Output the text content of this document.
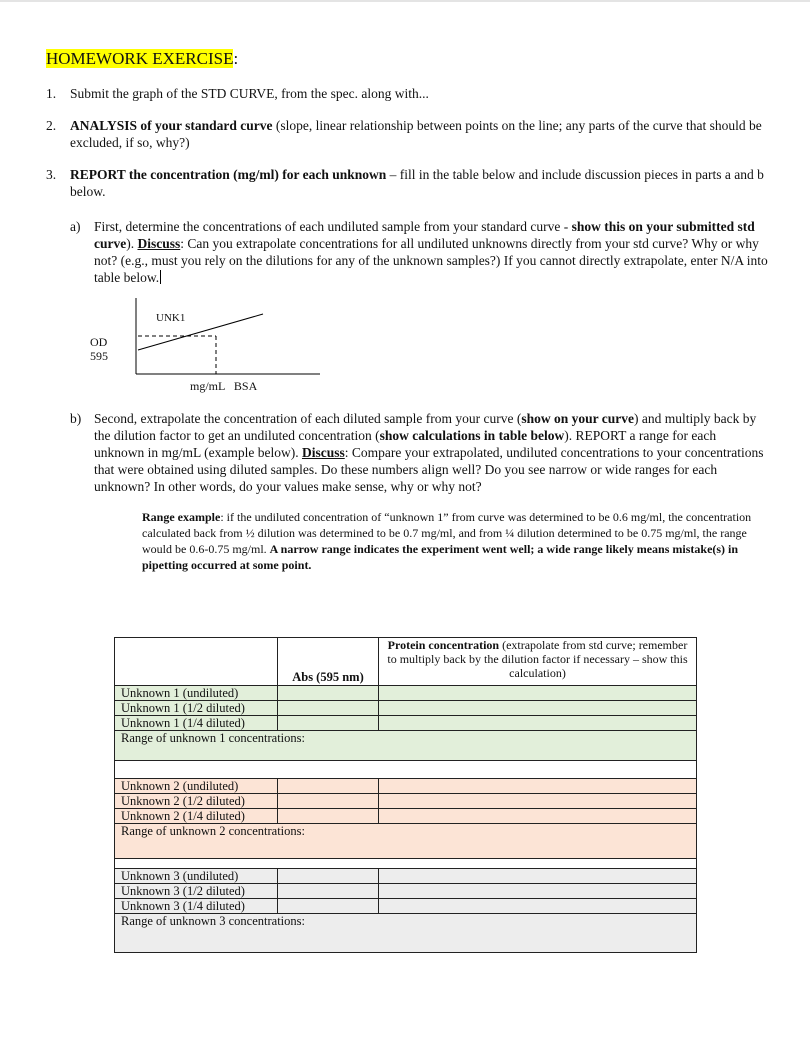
HOMEWORK EXERCISE:
1. Submit the graph of the STD CURVE, from the spec. along with...
2. ANALYSIS of your standard curve (slope, linear relationship between points on the line; any parts of the curve that should be excluded, if so, why?)
3. REPORT the concentration (mg/ml) for each unknown – fill in the table below and include discussion pieces in parts a and b below.
a) First, determine the concentrations of each undiluted sample from your standard curve - show this on your submitted std curve). Discuss: Can you extrapolate concentrations for all undiluted unknowns directly from your std curve? Why or why not? (e.g., must you rely on the dilutions for any of the unknown samples?) If you cannot directly extrapolate, enter N/A into table below.
UNK1
OD
595
mg/mL   BSA
b) Second, extrapolate the concentration of each diluted sample from your curve (show on your curve) and multiply back by the dilution factor to get an undiluted concentration (show calculations in table below). REPORT a range for each unknown in mg/mL (example below). Discuss: Compare your extrapolated, undiluted concentrations to your concentrations that were obtained using diluted samples. Do these numbers align well? Do you see narrow or wide ranges for each unknown? In other words, do your values make sense, why or why not?
Range example: if the undiluted concentration of “unknown 1” from curve was determined to be 0.6 mg/ml, the concentration calculated back from ½ dilution was determined to be 0.7 mg/ml, and from ¼ dilution determined to be 0.75 mg/ml, the range would be 0.6-0.75 mg/ml. A narrow range indicates the experiment went well; a wide range likely means mistake(s) in pipetting occurred at some point.
	Abs (595 nm)	Protein concentration (extrapolate from std curve; remember to multiply back by the dilution factor if necessary – show this calculation)
Unknown 1 (undiluted)		
Unknown 1 (1/2 diluted)		
Unknown 1 (1/4 diluted)		
Range of unknown 1 concentrations:		

Unknown 2 (undiluted)		
Unknown 2 (1/2 diluted)		
Unknown 2 (1/4 diluted)		
Range of unknown 2 concentrations:		

Unknown 3 (undiluted)		
Unknown 3 (1/2 diluted)		
Unknown 3 (1/4 diluted)		
Range of unknown 3 concentrations:		
